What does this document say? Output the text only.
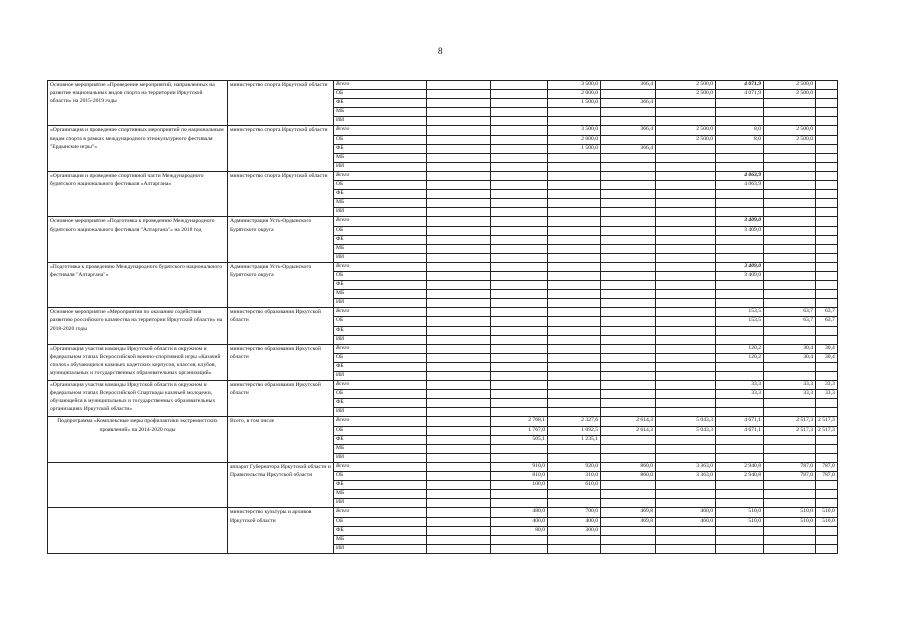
8
Основное мероприятие «Проведение мероприятий, направленных на развитие национальных видов спорта на территории Иркутской области» на 2015-2019 годы	министерство спорта Иркутской области	Всего			3 500,0	366,4	2 500,0	4 071,9	2 500,0	
		ОБ			2 000,0		2 500,0	4 071,9	2 500,0	
		ФБ			1 500,0	366,4				
		МБ								
		ИИ								
«Организация и проведение спортивных мероприятий по национальным видам спорта в рамках международного этнокультурного фестиваля "Ердынские игры"»	министерство спорта Иркутской области	Всего			3 500,0	366,4	2 500,0	8,0	2 500,0	
		ОБ			2 000,0		2 500,0	8,0	2 500,0	
		ФБ			1 500,0	366,4				
		МБ								
		ИИ								
«Организация и проведение спортивной части Международного бурятского национального фестиваля «Алтаргана»	министерство спорта Иркутской области	Всего						4 063,9		
		ОБ						4 063,9		
		ФБ								
		МБ								
		ИИ								
Основное мероприятие «Подготовка к проведению Международного бурятского национального фестиваля "Алтаргана"» на 2018 год	Администрация Усть-Ордынского Бурятского округа	Всего						3 409,0		
		ОБ						3 409,0		
		ФБ								
		МБ								
		ИИ								
«Подготовка к проведению Международного бурятского национального фестиваля "Алтаргана"»	Администрация Усть-Ордынского Бурятского округа	Всего						3 409,0		
		ОБ						3 409,0		
		ФБ								
		МБ								
		ИИ								
Основное мероприятие «Мероприятия по оказанию содействия развитию российского казачества на территории Иркутской области» на 2018-2020 годы	министерство образования Иркутской области	Всего						153,5	63,7	63,7
		ОБ						153,5	63,7	63,7
		ФБ								
		ИИ								
«Организация участия команды Иркутской области в окружном и федеральном этапах Всероссийской военно-спортивной игры «Казачий сполох» обучающихся казачьих кадетских корпусов, классов, клубов, муниципальных и государственных образовательных организаций»	министерство образования Иркутской области	Всего						120,2	30,4	30,4
		ОБ						120,2	30,4	30,4
		ФБ								
		ИИ								
«Организация участия команды Иркутской области в окружном и федеральном этапах Всероссийской Спартиады казачьей молодежи, обучающейся в муниципальных и государственных образовательных организациях Иркутской области»	министерство образования Иркутской области	Всего						33,3	33,3	33,3
		ОБ						33,3	33,3	33,3
		ФБ								
		ИИ								
Подпрограмма «Комплексные меры профилактики экстремистских проявлений» на 2014-2020 годы	Всего, в том числе	Всего		2 768,1	2 327,6	2 614,3	5 043,3	4 671,1	2 517,3	2 517,3
		ОБ		1 767,0	1 092,5	2 614,3	5 043,3	4 671,1	2 517,3	2 517,3
		ФБ		505,1	1 235,1					
		МБ								
		ИИ								
	аппарат Губернатора Иркутской области и Правительства Иркутской области	Всего		910,0	920,0	860,0	3 363,0	2 940,8	787,0	787,0
		ОБ		810,0	310,0	860,0	3 363,0	2 940,8	787,0	787,0
		ФБ		100,0	610,0					
		МБ								
		ИИ								
	министерство культуры и архивов Иркутской области	Всего		480,0	700,0	469,8	460,0	510,0	510,0	510,0
		ОБ		400,0	400,0	469,8	460,0	510,0	510,0	510,0
		ФБ		80,0	300,0					
		МБ								
		ИИ								
